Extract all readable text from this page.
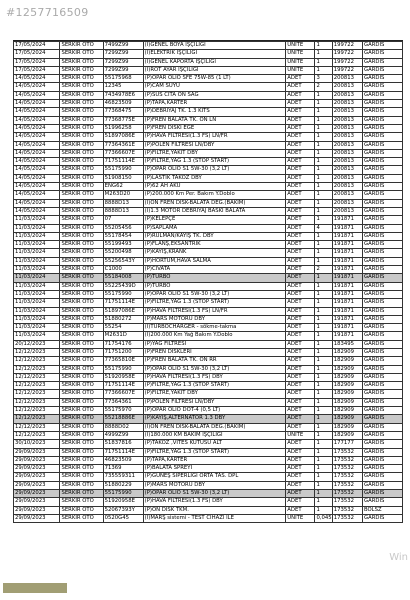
#1257716509
17/05/2024	SERKİR OTO	7499Z99	(İ)GENEL BOYA İŞÇİLİĞİ	UNITE	1	199722	GARDIS
17/05/2024	SERKİR OTO	7299Z99	(İ)ELEKTRİK İŞÇİLİĞİ	UNITE	1	199722	GARDIS
17/05/2024	SERKİR OTO	7299Z99	(İ)GENEL KAPORTA İŞÇİLİĞİ	UNITE	1	199722	GARDIS
17/05/2024	SERKİR OTO	7299Z99	(İ)ROT AYAR İŞÇİLİĞİ	UNITE	1	199722	GARDIS
14/05/2024	SERKİR OTO	55175968	(P)OPAR OLIO SFE 75W-85 (1 LT)	ADET	3	200813	GARDIS
14/05/2024	SERKİR OTO	12345	(P)CAM SUYU	ADET	2	200813	GARDIS
14/05/2024	SERKİR OTO	7434978E6	(P)SUS CITA ON SAG	ADET	1	200813	GARDIS
14/05/2024	SERKİR OTO	46823509	(P)TAPA,KARTER	ADET	1	200813	GARDIS
14/05/2024	SERKİR OTO	77368475	(P)DEBRİYAJ TK. 1.3 KİTS	ADET	1	200813	GARDIS
14/05/2024	SERKİR OTO	77368775E	(P)FREN BALATA TK. ÖN LN	ADET	1	200813	GARDIS
14/05/2024	SERKİR OTO	51996258	(P)FREN DİSKİ EGE	ADET	1	200813	GARDIS
14/05/2024	SERKİR OTO	51897086E	(P)HAVA FİLTRESİ(1.3 FS) LN/FR	ADET	1	200813	GARDIS
14/05/2024	SERKİR OTO	77364361E	(P)POLEN FİLTRESİ LN/DBY	ADET	1	200813	GARDIS
14/05/2024	SERKİR OTO	77366607E	(P)FİLTRE,YAKIT DBY	ADET	1	200813	GARDIS
14/05/2024	SERKİR OTO	71751114E	(P)FİLTRE,YAĞ 1.3 (STOP START)	ADET	1	200813	GARDIS
14/05/2024	SERKİR OTO	55175990	(P)OPAR OLIO S1 5W-30 (3,2 LT)	ADET	1	200813	GARDIS
14/05/2024	SERKİR OTO	51908150	(P)LASTİK TAKOZ DBY	ADET	1	200813	GARDIS
14/05/2024	SERKİR OTO	ENG62	(P)62 AH AKÜ	ADET	1	200813	GARDIS
14/05/2024	SERKİR OTO	M263D20	(P)200.000 Km Per. Bakım Y.Doblo	ADET	1	200813	GARDIS
14/05/2024	SERKİR OTO	8888D13	(İ)ÖN FREN DİSK-BALATA DEĞ.(BAKIM)	ADET	1	200813	GARDIS
14/05/2024	SERKİR OTO	8888D13	(İ)1.3 MOTOR DEBRİYAJ BASKI BALATA	ADET	1	200813	GARDIS
11/03/2024	SERKİR OTO	07	(P)KELEPÇE	ADET	1	191871	GARDIS
11/03/2024	SERKİR OTO	55205456	(P)SAPLAMA	ADET	4	191871	GARDIS
11/03/2024	SERKİR OTO	55178454	(P)RULMAN/KAYIŞ TK. DBY	ADET	1	191871	GARDIS
11/03/2024	SERKİR OTO	55199493	(P)FLANŞ,EKSANTRİK	ADET	1	191871	GARDIS
11/03/2024	SERKİR OTO	55200498	(P)KAYIŞ,KRANK	ADET	1	191871	GARDIS
11/03/2024	SERKİR OTO	55256543Y	(P)HORTUM,HAVA SALMA	ADET	1	191871	GARDIS
11/03/2024	SERKİR OTO	C1000	(P)CİVATA	ADET	2	191871	GARDIS
11/03/2024	SERKİR OTO	55184008	(P)TURBO	ADET	1	191871	GARDIS
11/03/2024	SERKİR OTO	55225439D	(P)TURBO	ADET	1	191871	GARDIS
11/03/2024	SERKİR OTO	55175990	(P)OPAR OLIO S1 5W-30 (3,2 LT)	ADET	1	191871	GARDIS
11/03/2024	SERKİR OTO	71751114E	(P)FİLTRE,YAĞ 1.3 (STOP START)	ADET	1	191871	GARDIS
11/03/2024	SERKİR OTO	51897086E	(P)HAVA FİLTRESİ(1.3 FS) LN/FR	ADET	1	191871	GARDIS
11/03/2024	SERKİR OTO	51880272	(P)MARS MOTORU DBY	ADET	1	191871	GARDIS
11/03/2024	SERKİR OTO	55254	(İ)TURBOCHARGER - sökme-takma	ADET	1	191871	GARDIS
11/03/2024	SERKİR OTO	M2631D	(İ)200.000 Km Yağ Bakım Y.Doblo	ADET	1	191871	GARDIS
20/12/2023	SERKİR OTO	71754176	(P)YAĞ FİLTRESİ	ADET	1	183495	GARDIS
12/12/2023	SERKİR OTO	71751200	(P)FREN DİSKLERİ	ADET	1	182909	GARDIS
12/12/2023	SERKİR OTO	77365810E	(P)FREN BALATA TK. ÖN RR	ADET	1	182909	GARDIS
12/12/2023	SERKİR OTO	55175990	(P)OPAR OLIO S1 5W-30 (3,2 LT)	ADET	1	182909	GARDIS
12/12/2023	SERKİR OTO	51920958E	(P)HAVA FİLTRESİ(1.3 FS) DBY	ADET	1	182909	GARDIS
12/12/2023	SERKİR OTO	71751114E	(P)FİLTRE,YAĞ 1.3 (STOP START)	ADET	1	182909	GARDIS
12/12/2023	SERKİR OTO	77366607E	(P)FİLTRE,YAKIT DBY	ADET	1	182909	GARDIS
12/12/2023	SERKİR OTO	77364361	(P)POLEN FİLTRESİ LN/DBY	ADET	1	182909	GARDIS
12/12/2023	SERKİR OTO	55175970	(P)OPAR OLIO DOT-4 (0,5 LT)	ADET	1	182909	GARDIS
12/12/2023	SERKİR OTO	55218886E	(P)KAYIŞ,ALTERNATOR 1.3 DBY	ADET	1	182909	GARDIS
12/12/2023	SERKİR OTO	8888D02	(İ)ÖN FREN DİSK-BALATA DEĞ.(BAKIM)	ADET	1	182909	GARDIS
12/12/2023	SERKİR OTO	4999Z99	(İ)180.000 KM BAKIM İŞÇİLİĞİ	UNITE	1	182909	GARDIS
30/10/2023	SERKİR OTO	51837816	(P)TAKOZ ,VİTES KUTUSU ALT	ADET	1	177177	GARDIS
29/09/2023	SERKİR OTO	71751114E	(P)FİLTRE,YAĞ 1.3 (STOP START)	ADET	1	173532	GARDIS
29/09/2023	SERKİR OTO	46823509	(P)TAPA,KARTER	ADET	1	173532	GARDIS
29/09/2023	SERKİR OTO	71369	(P)BALATA SPREYİ	ADET	1	173532	GARDIS
29/09/2023	SERKİR OTO	735559311	(P)GÜNEŞ SİPERLİĞİ ORTA TAS. DPL	ADET	1	173532	GARDIS
29/09/2023	SERKİR OTO	51880229	(P)MARS MOTORU DBY	ADET	1	173532	GARDIS
29/09/2023	SERKİR OTO	55175990	(P)OPAR OLIO S1 5W-30 (3,2 LT)	ADET	1	173532	GARDIS
29/09/2023	SERKİR OTO	51920958E	(P)HAVA FİLTRESİ(1.3 FS) DBY	ADET	1	173532	GARDIS
29/09/2023	SERKİR OTO	52067393Y	(P)ÖN DİSK TKM.	ADET	1	173532	BOLSZ
29/09/2023	SERKİR OTO	0520G45	(İ)MARŞ sistemi - TEST CİHAZI İLE	UNITE	0,045	173532	GARDIS
Win
